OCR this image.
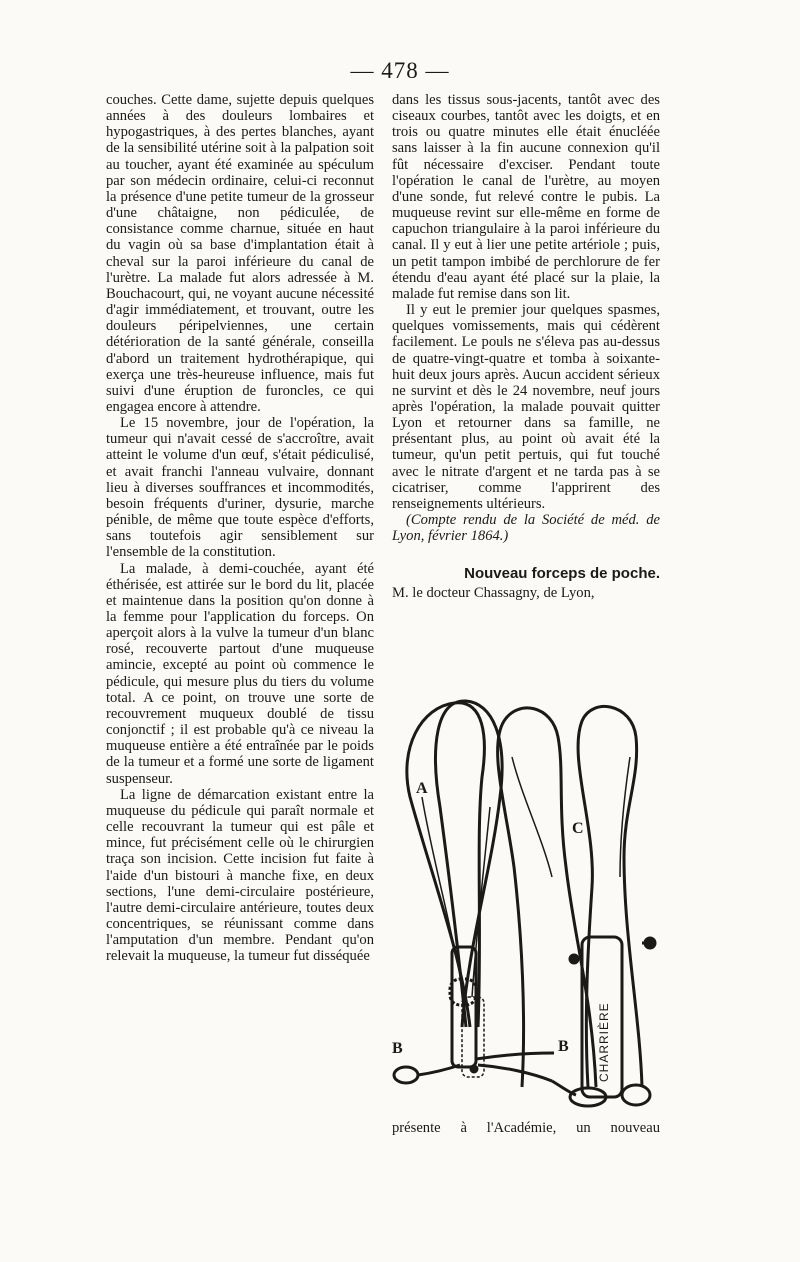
— 478 —

couches. Cette dame, sujette depuis quelques années à des douleurs lombaires et hypogastriques, à des pertes blanches, ayant de la sensibilité utérine soit à la palpation soit au toucher, ayant été examinée au spéculum par son médecin ordinaire, celui-ci reconnut la présence d'une petite tumeur de la grosseur d'une châtaigne, non pédiculée, de consistance comme charnue, située en haut du vagin où sa base d'implantation était à cheval sur la paroi inférieure du canal de l'urètre. La malade fut alors adressée à M. Bouchacourt, qui, ne voyant aucune nécessité d'agir immédiatement, et trouvant, outre les douleurs péripelviennes, une certain détérioration de la santé générale, conseilla d'abord un traitement hydrothérapique, qui exerça une très-heureuse influence, mais fut suivi d'une éruption de furoncles, ce qui engagea encore à attendre.

Le 15 novembre, jour de l'opération, la tumeur qui n'avait cessé de s'accroître, avait atteint le volume d'un œuf, s'était pédiculisé, et avait franchi l'anneau vulvaire, donnant lieu à diverses souffrances et incommodités, besoin fréquents d'uriner, dysurie, marche pénible, de même que toute espèce d'efforts, sans toutefois agir sensiblement sur l'ensemble de la constitution.

La malade, à demi-couchée, ayant été éthérisée, est attirée sur le bord du lit, placée et maintenue dans la position qu'on donne à la femme pour l'application du forceps. On aperçoit alors à la vulve la tumeur d'un blanc rosé, recouverte partout d'une muqueuse amincie, excepté au point où commence le pédicule, qui mesure plus du tiers du volume total. A ce point, on trouve une sorte de recouvrement muqueux doublé de tissu conjonctif ; il est probable qu'à ce niveau la muqueuse entière a été entraînée par le poids de la tumeur et a formé une sorte de ligament suspenseur.

La ligne de démarcation existant entre la muqueuse du pédicule qui paraît normale et celle recouvrant la tumeur qui est pâle et mince, fut précisément celle où le chirurgien traça son incision. Cette incision fut faite à l'aide d'un bistouri à manche fixe, en deux sections, l'une demi-circulaire postérieure, l'autre demi-circulaire antérieure, toutes deux concentriques, se réunissant comme dans l'amputation d'un membre. Pendant qu'on relevait la muqueuse, la tumeur fut disséquée

dans les tissus sous-jacents, tantôt avec des ciseaux courbes, tantôt avec les doigts, et en trois ou quatre minutes elle était énucléée sans laisser à la fin aucune connexion qu'il fût nécessaire d'exciser. Pendant toute l'opération le canal de l'urètre, au moyen d'une sonde, fut relevé contre le pubis. La muqueuse revint sur elle-même en forme de capuchon triangulaire à la paroi inférieure du canal. Il y eut à lier une petite artériole ; puis, un petit tampon imbibé de perchlorure de fer étendu d'eau ayant été placé sur la plaie, la malade fut remise dans son lit.

Il y eut le premier jour quelques spasmes, quelques vomissements, mais qui cédèrent facilement. Le pouls ne s'éleva pas au-dessus de quatre-vingt-quatre et tomba à soixante-huit deux jours après. Aucun accident sérieux ne survint et dès le 24 novembre, neuf jours après l'opération, la malade pouvait quitter Lyon et retourner dans sa famille, ne présentant plus, au point où avait été la tumeur, qu'un petit pertuis, qui fut touché avec le nitrate d'argent et ne tarda pas à se cicatriser, comme l'apprirent des renseignements ultérieurs.

(Compte rendu de la Société de méd. de Lyon, février 1864.)

Nouveau forceps de poche.

M. le docteur Chassagny, de Lyon,

A
C
B	B CHARRIÈRE
présente à l'Académie, un nouveau
